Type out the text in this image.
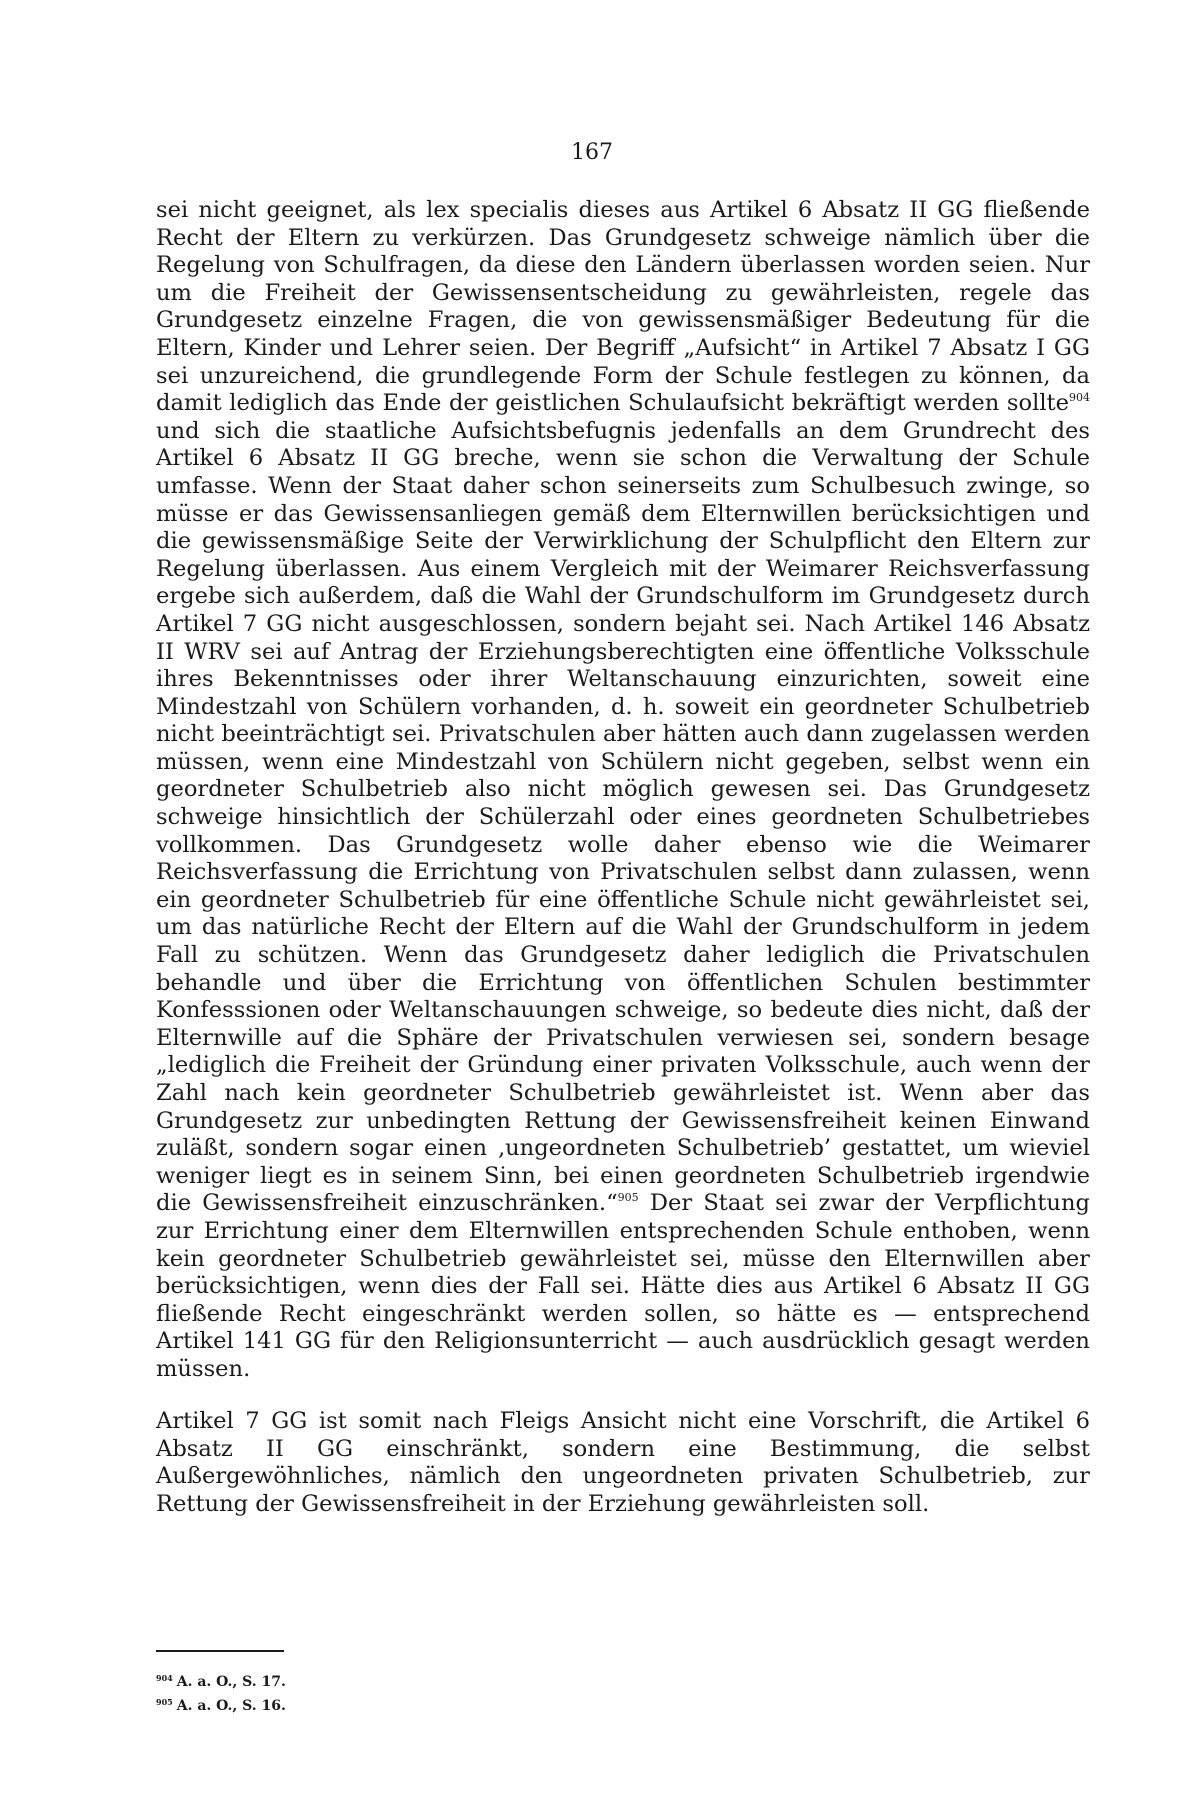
167
sei nicht geeignet, als lex specialis dieses aus Artikel 6 Absatz II GG fließende Recht der Eltern zu verkürzen. Das Grundgesetz schweige nämlich über die Regelung von Schulfragen, da diese den Ländern überlassen worden seien. Nur um die Freiheit der Gewissensentscheidung zu gewährleisten, regele das Grundgesetz einzelne Fragen, die von gewissensmäßiger Bedeutung für die Eltern, Kinder und Lehrer seien. Der Begriff „Aufsicht“ in Artikel 7 Absatz I GG sei unzureichend, die grundlegende Form der Schule festlegen zu können, da damit lediglich das Ende der geistlichen Schulaufsicht bekräftigt werden sollte$^{904}$ und sich die staatliche Aufsichtsbefugnis jedenfalls an dem Grundrecht des Artikel 6 Absatz II GG breche, wenn sie schon die Verwaltung der Schule umfasse. Wenn der Staat daher schon seinerseits zum Schulbesuch zwinge, so müsse er das Gewissensanliegen gemäß dem Elternwillen berücksichtigen und die gewissensmäßige Seite der Verwirklichung der Schulpflicht den Eltern zur Regelung überlassen. Aus einem Vergleich mit der Weimarer Reichsverfassung ergebe sich außerdem, daß die Wahl der Grundschulform im Grundgesetz durch Artikel 7 GG nicht ausgeschlossen, sondern bejaht sei. Nach Artikel 146 Absatz II WRV sei auf Antrag der Erziehungsberechtigten eine öffentliche Volksschule ihres Bekenntnisses oder ihrer Weltanschauung einzurichten, soweit eine Mindestzahl von Schülern vorhanden, d. h. soweit ein geordneter Schulbetrieb nicht beeinträchtigt sei. Privatschulen aber hätten auch dann zugelassen werden müssen, wenn eine Mindestzahl von Schülern nicht gegeben, selbst wenn ein geordneter Schulbetrieb also nicht möglich gewesen sei. Das Grundgesetz schweige hinsichtlich der Schülerzahl oder eines geordneten Schulbetriebes vollkommen. Das Grundgesetz wolle daher ebenso wie die Weimarer Reichsverfassung die Errichtung von Privatschulen selbst dann zulassen, wenn ein geordneter Schulbetrieb für eine öffentliche Schule nicht gewährleistet sei, um das natürliche Recht der Eltern auf die Wahl der Grundschulform in jedem Fall zu schützen. Wenn das Grundgesetz daher lediglich die Privatschulen behandle und über die Errichtung von öffentlichen Schulen bestimmter Konfesssionen oder Weltanschauungen schweige, so bedeute dies nicht, daß der Elternwille auf die Sphäre der Privatschulen verwiesen sei, sondern besage „lediglich die Freiheit der Gründung einer privaten Volksschule, auch wenn der Zahl nach kein geordneter Schulbetrieb gewährleistet ist. Wenn aber das Grundgesetz zur unbedingten Rettung der Gewissensfreiheit keinen Einwand zuläßt, sondern sogar einen ‚ungeordneten Schulbetrieb’ gestattet, um wieviel weniger liegt es in seinem Sinn, bei einen geordneten Schulbetrieb irgendwie die Gewissensfreiheit einzuschränken.“$^{905}$ Der Staat sei zwar der Verpflichtung zur Errichtung einer dem Elternwillen entsprechenden Schule enthoben, wenn kein geordneter Schulbetrieb gewährleistet sei, müsse den Elternwillen aber berücksichtigen, wenn dies der Fall sei. Hätte dies aus Artikel 6 Absatz II GG fließende Recht eingeschränkt werden sollen, so hätte es — entsprechend Artikel 141 GG für den Religionsunterricht — auch ausdrücklich gesagt werden müssen.
Artikel 7 GG ist somit nach Fleigs Ansicht nicht eine Vorschrift, die Artikel 6 Absatz II GG einschränkt, sondern eine Bestimmung, die selbst Außergewöhnliches, nämlich den ungeordneten privaten Schulbetrieb, zur Rettung der Gewissensfreiheit in der Erziehung gewährleisten soll.
$^{904}$ A. a. O., S. 17.
$^{905}$ A. a. O., S. 16.
